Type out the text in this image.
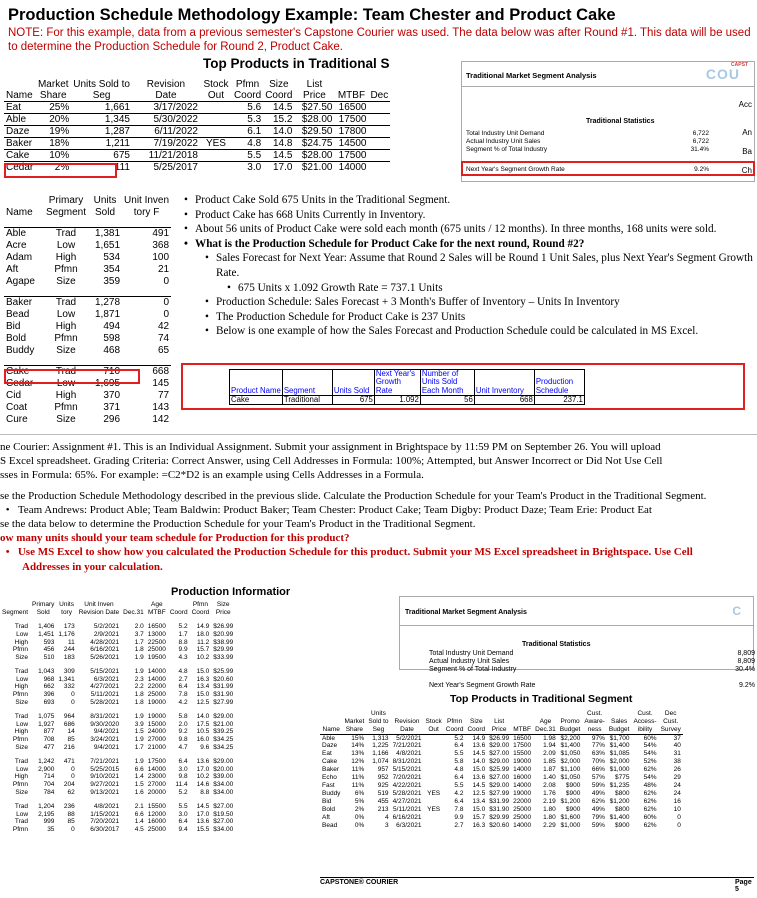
Production Schedule Methodology Example: Team Chester and Product Cake
NOTE: For this example, data from a previous semester's Capstone Courier was used. The data below was after Round #1. This data will be used to determine the Production Schedule for Round 2, Product Cake.
Top Products in Traditional S
	Market	Units Sold to	Revision	Stock	Pfmn	Size	List		
Name	Share	Seg	Date	Out	Coord	Coord	Price	MTBF	Dec
Eat	25%	1,661	3/17/2022		5.6	14.5	$27.50	16500	
Able	20%	1,345	5/30/2022		5.3	15.2	$28.00	17500	
Daze	19%	1,287	6/11/2022		6.1	14.0	$29.50	17800	
Baker	18%	1,211	7/19/2022	YES	4.8	14.8	$24.75	14500	
Cake	10%	675	11/21/2018		5.5	14.5	$28.00	17500	
Cedar	2%	111	5/25/2017		3.0	17.0	$21.00	14000	
	Primary	Units	Unit Inven
Name	Segment	Sold	tory F

Able	Trad	1,381	491
Acre	Low	1,651	368
Adam	High	534	100
Aft	Pfmn	354	21
Agape	Size	359	0

Baker	Trad	1,278	0
Bead	Low	1,871	0
Bid	High	494	42
Bold	Pfmn	598	74
Buddy	Size	468	65

Cake	Trad	710	668
Cedar	Low	1,695	145
Cid	High	370	77
Coat	Pfmn	371	143
Cure	Size	296	142
Traditional Market Segment Analysis
CAPST
COU
Acc
An
Ba
Ch
Traditional Statistics
Total Industry Unit Demand	6,722
Actual Industry Unit Sales	6,722
Segment % of Total Industry	31.4%
Next Year's Segment Growth Rate	9.2%
• Product Cake Sold 675 Units in the Traditional Segment.
• Product Cake has 668 Units Currently in Inventory.
• About 56 units of Product Cake were sold each month (675 units / 12 months). In three months, 168 units were sold.
• What is the Production Schedule for Product Cake for the next round, Round #2?
• Sales Forecast for Next Year: Assume that Round 2 Sales will be Round 1 Unit Sales, plus Next Year's Segment Growth Rate.
• 675 Units x 1.092 Growth Rate = 737.1 Units
• Production Schedule: Sales Forecast + 3 Month's Buffer of Inventory – Units In Inventory
• The Production Schedule for Product Cake is 237 Units
• Below is one example of how the Sales Forecast and Production Schedule could be calculated in MS Excel.
Product Name	Segment	Units Sold	Next Year's Growth Rate	Number of Units Sold Each Month	Unit Inventory	Production Schedule
Cake	Traditional	675	1.092	56	668	237.1
ne Courier: Assignment #1. This is an Individual Assignment. Submit your assignment in Brightspace by 11:59 PM on September 26. You will upload
S Excel spreadsheet. Grading Criteria: Correct Answer, using Cell Addresses in Formula: 100%; Attempted, but Answer Incorrect or Did Not Use Cell
sses in Formula: 65%. For example: =C2*D2 is an example using Cells Addresses in a Formula.
se the Production Schedule Methodology described in the previous slide. Calculate the Production Schedule for your Team's Product in the Traditional Segment.
•   Team Andrews: Product Able; Team Baldwin: Product Baker; Team Chester: Product Cake; Team Digby: Product Daze; Team Erie: Product Eat
se the data below to determine the Production Schedule for your Team's Product in the Traditional Segment.
ow many units should your team schedule for Production for this product?
•   Use MS Excel to show how you calculated the Production Schedule for this product. Submit your MS Excel spreadsheet in Brightspace. Use Cell
Addresses in your calculation.
Production Informatior
	Primary	Units	Unit Inven		Age		Pfmn	Size	
Segment	Sold	tory	Revision Date	Dec.31	MTBF	Coord	Coord	Price	

Trad	1,406	173	5/2/2021	2.0	16500	5.2	14.9	$26.99	
Low	1,451	1,176	2/9/2021	3.7	13000	1.7	18.0	$20.99	
High	593	11	4/28/2021	1.7	22500	8.8	11.2	$38.99	
Pfmn	456	244	6/16/2021	1.8	25000	9.9	15.7	$29.99	
Size	510	183	5/26/2021	1.9	19500	4.3	10.2	$33.99	

Trad	1,043	309	5/15/2021	1.9	14000	4.8	15.0	$25.99	
Low	968	1,341	6/3/2021	2.3	14000	2.7	16.3	$20.60	
High	662	332	4/27/2021	2.2	22000	6.4	13.4	$31.99	
Pfmn	396	0	5/11/2021	1.8	25000	7.8	15.0	$31.90	
Size	693	0	5/28/2021	1.8	19000	4.2	12.5	$27.99	

Trad	1,075	964	8/31/2021	1.9	19000	5.8	14.0	$29.00	
Low	1,927	686	9/30/2020	3.9	15000	2.0	17.5	$21.00	
High	877	14	9/4/2021	1.5	24000	9.2	10.5	$39.25	
Pfmn	708	85	3/24/2021	1.9	27000	9.8	16.0	$34.25	
Size	477	216	9/4/2021	1.7	21000	4.7	9.6	$34.25	

Trad	1,242	471	7/21/2021	1.9	17500	6.4	13.6	$29.00	
Low	2,900	0	5/25/2015	6.6	14000	3.0	17.0	$20.00	
High	714	0	9/10/2021	1.4	23000	9.8	10.2	$39.00	
Pfmn	704	204	9/27/2021	1.5	27000	11.4	14.6	$34.00	
Size	784	62	9/13/2021	1.6	20000	5.2	8.8	$34.00	

Trad	1,204	236	4/8/2021	2.1	15500	5.5	14.5	$27.00	
Low	2,195	88	1/15/2021	6.6	12000	3.0	17.0	$19.50	
Trad	999	85	7/20/2021	1.4	16000	6.4	13.6	$27.00	
Pfmn	35	0	6/30/2017	4.5	25000	9.4	15.5	$34.00	
Traditional Market Segment Analysis	C
Traditional Statistics
Total Industry Unit Demand	8,809
Actual Industry Unit Sales	8,809
Segment % of Total Industry	30.4%
Next Year's Segment Growth Rate	9.2%
Top Products in Traditional Segment
		Units									Cust.		Cust.	Dec
	Market	Sold to	Revision	Stock	Pfmn	Size	List		Age	Promo	Aware-	Sales	Access-	Cust.
Name	Share	Seg	Date	Out	Coord	Coord	Price	MTBF	Dec.31	Budget	ness	Budget	ibility	Survey
Able	15%	1,313	5/2/2021		5.2	14.9	$26.99	16500	1.98	$2,200	97%	$1,700	60%	37
Daze	14%	1,225	7/21/2021		6.4	13.6	$29.00	17500	1.94	$1,400	77%	$1,400	54%	40
Eat	13%	1,166	4/8/2021		5.5	14.5	$27.00	15500	2.09	$1,050	63%	$1,085	54%	31
Cake	12%	1,074	8/31/2021		5.8	14.0	$29.00	19000	1.85	$2,000	70%	$2,000	52%	38
Baker	11%	957	5/15/2021		4.8	15.0	$25.99	14000	1.87	$1,100	66%	$1,000	62%	26
Echo	11%	952	7/20/2021		6.4	13.6	$27.00	16000	1.40	$1,050	57%	$775	54%	29
Fast	11%	925	4/22/2021		5.5	14.5	$29.00	14000	2.08	$900	59%	$1,235	48%	24
Buddy	6%	519	5/28/2021	YES	4.2	12.5	$27.99	19000	1.76	$900	49%	$800	62%	24
Bid	5%	455	4/27/2021		6.4	13.4	$31.99	22000	2.19	$1,200	62%	$1,200	62%	16
Bold	2%	213	5/11/2021	YES	7.8	15.0	$31.90	25000	1.80	$900	49%	$800	62%	10
Aft	0%	4	6/16/2021		9.9	15.7	$29.99	25000	1.80	$1,600	79%	$1,400	60%	0
Bead	0%	3	6/3/2021		2.7	16.3	$20.60	14000	2.29	$1,000	59%	$900	62%	0
CAPSTONE® COURIER	Page 5
